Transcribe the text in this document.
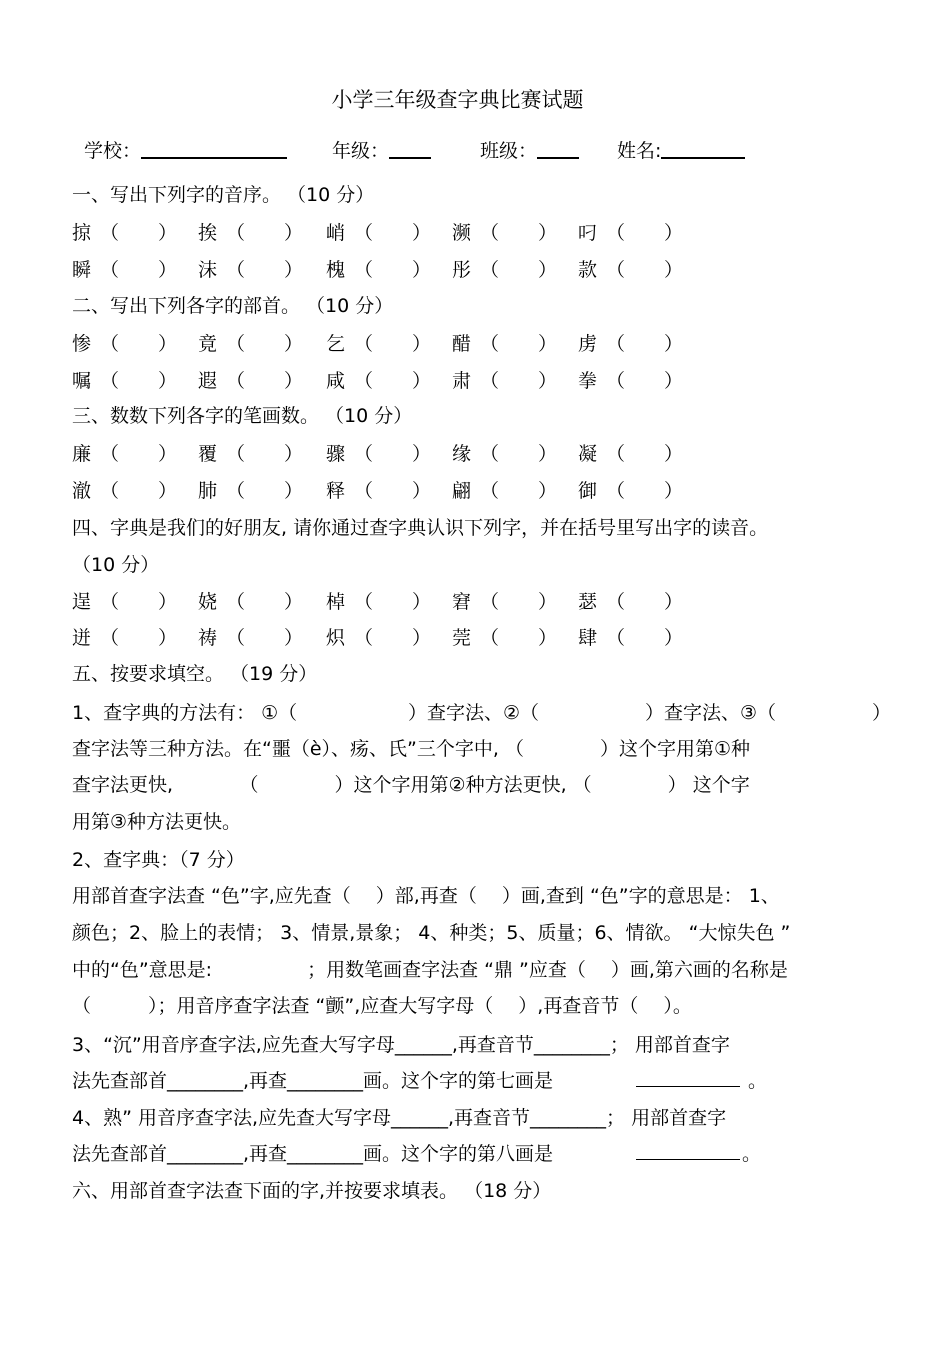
小学三年级查字典比赛试题
学校：	年级：	班级：	姓名:
一、写出下列字的音序。 （10 分）
掠 （ ） 挨 （ ） 峭 （ ） 濒 （ ） 叼 （ ）
瞬 （ ） 沫 （ ） 槐 （ ） 彤 （ ） 款 （ ）
二、写出下列各字的部首。 （10 分）
惨 （ ） 竟 （ ） 乞 （ ） 醋 （ ） 虏 （ ）
嘱 （ ） 遐 （ ） 咸 （ ） 肃 （ ） 拳 （ ）
三、数数下列各字的笔画数。 （10 分）
廉 （ ） 覆 （ ） 骤 （ ） 缘 （ ） 凝 （ ）
澈 （ ） 肺 （ ） 释 （ ） 翩 （ ） 御 （ ）
四、字典是我们的好朋友, 请你通过查字典认识下列字，并在括号里写出字的读音。
（10 分）
逞 （ ） 娆 （ ） 棹 （ ） 窘 （ ） 瑟 （ ）
迸 （ ） 祷 （ ） 炽 （ ） 莞 （ ） 肆 （ ）
五、按要求填空。 （19 分）
1、查字典的方法有： ①（	）查字法、②（	）查字法、③（	）
查字法等三种方法。在“噩（è）、疡、氏”三个字中, （　　　　）这个字用第①种
查字法更快,　　　　（　　　　）这个字用第②种方法更快, （　　　　） 这个字
用第③种方法更快。
2、查字典：（7 分）
用部首查字法查 “色”字,应先查（　 ）部,再查（　 ）画,查到 “色”字的意思是： 1、
颜色；2、脸上的表情； 3、情景,景象； 4、种类；5、质量；6、情欲。 “大惊失色 ”
中的“色”意思是:　　　　　；用数笔画查字法查 “鼎 ”应查（　 ）画,第六画的名称是
（　　　）；用音序查字法查 “颤”,应查大写字母（　 ）,再查音节（　 ）。
3、“沉”用音序查字法,应先查大写字母______,再查音节________； 用部首查字
法先查部首________,再查________画。这个字的第七画是	。
4、熟” 用音序查字法,应先查大写字母______,再查音节________； 用部首查字
法先查部首________,再查________画。这个字的第八画是	。
六、用部首查字法查下面的字,并按要求填表。 （18 分）
